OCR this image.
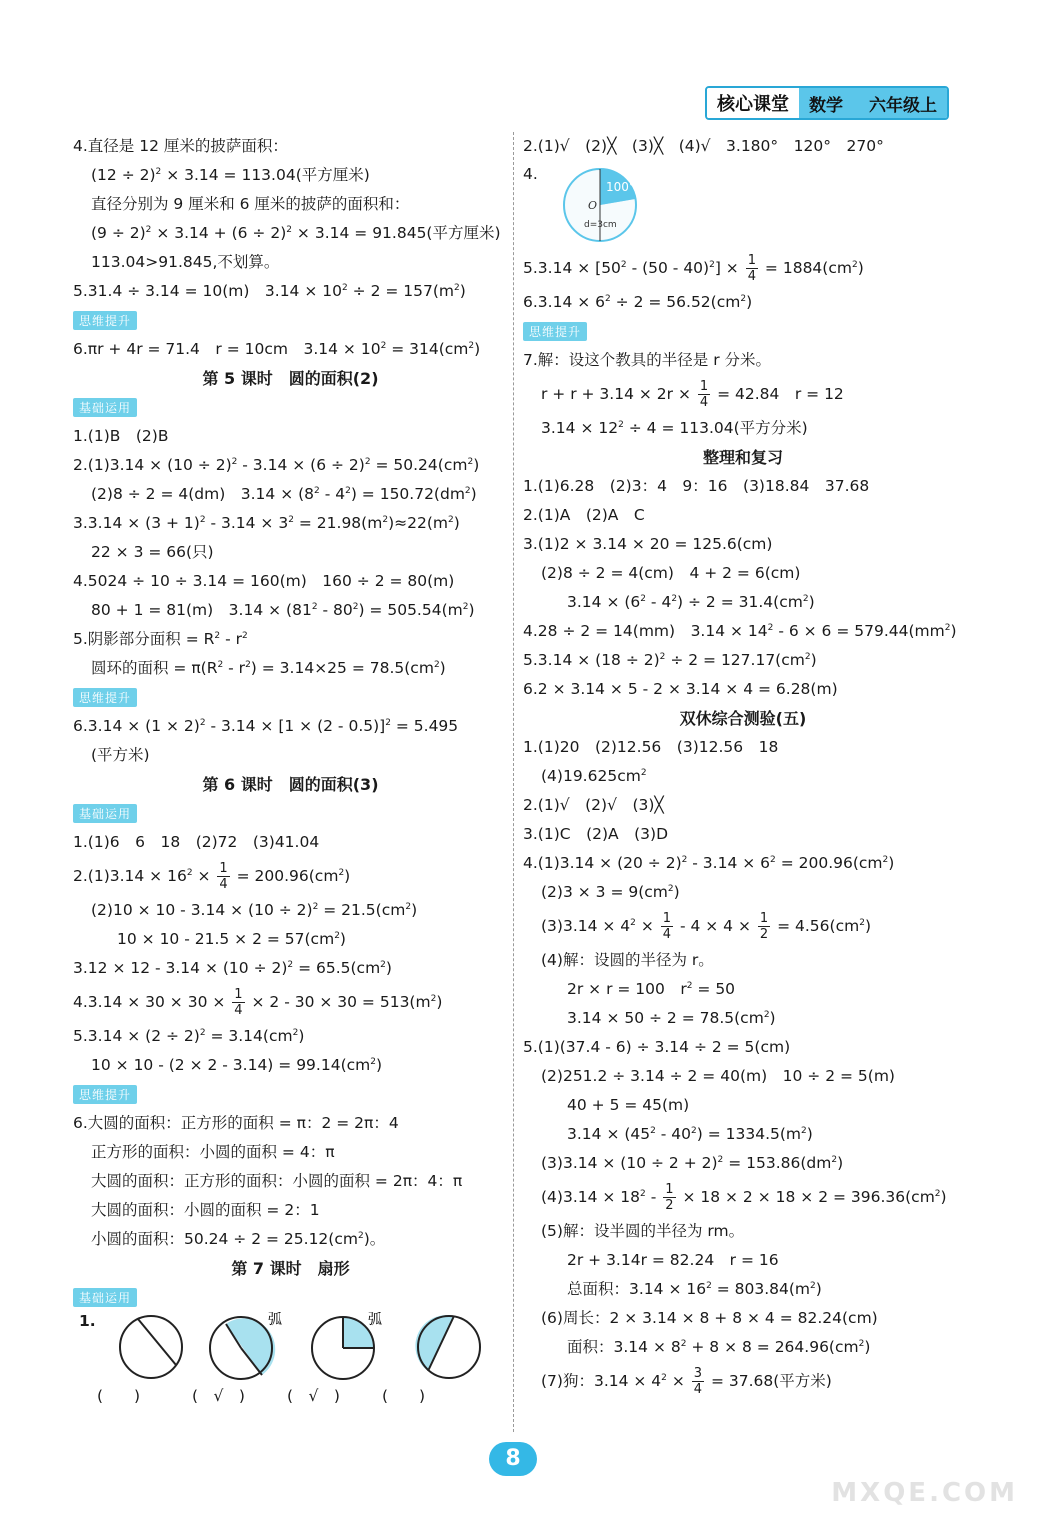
核心课堂	数学 六年级上
4.直径是 12 厘米的披萨面积：
$(12 \div 2)^2 \times 3.14 = 113.04$(平方厘米)
直径分别为 9 厘米和 6 厘米的披萨的面积和：
$(9 \div 2)^2 \times 3.14 + (6 \div 2)^2 \times 3.14 = 91.845$(平方厘米)
113.04>91.845,不划算。
5.31.4 ÷ 3.14 = 10(m)　$3.14 \times 10^2 \div 2 = 157(m^2)$
思维提升
6.πr + 4r = 71.4　r = 10cm　$3.14 \times 10^2 = 314(cm^2)$
第 5 课时　圆的面积(2)
基础运用
1.(1)B　(2)B
$2.(1)3.14 \times (10 \div 2)^2 - 3.14 \times (6 \div 2)^2 = 50.24(cm^2)$
(2)8 ÷ 2 = 4(dm)　$3.14 \times (8^2 - 4^2) = 150.72(dm^2)$
$3.3.14 \times (3 + 1)^2 - 3.14 \times 3^2 = 21.98(m^2)\approx 22(m^2)$
22 × 3 = 66(只)
4.5024 ÷ 10 ÷ 3.14 = 160(m)　160 ÷ 2 = 80(m)
80 + 1 = 81(m)　$3.14 \times (81^2 - 80^2) = 505.54(m^2)$
5.阴影部分面积 = $R^2 - r^2$
圆环的面积 = $\pi(R^2 - r^2) = 3.14\times 25 = 78.5(cm^2)$
思维提升
$6.3.14 \times (1 \times 2)^2 - 3.14 \times [1 \times (2 - 0.5)]^2 = 5.495$
(平方米)
第 6 课时　圆的面积(3)
基础运用
1.(1)6　6　18　(2)72　(3)41.04
$2.(1)3.14 \times 16^2 \times \frac{1}{4} = 200.96(cm^2)$
$(2)10 \times 10 - 3.14 \times (10 \div 2)^2 = 21.5(cm^2)$
$10 \times 10 - 21.5 \times 2 = 57(cm^2)$
$3.12 \times 12 - 3.14 \times (10 \div 2)^2 = 65.5(cm^2)$
$4.3.14 \times 30 \times 30 \times \frac{1}{4} \times 2 - 30 \times 30 = 513(m^2)$
$5.3.14 \times (2 \div 2)^2 = 3.14(cm^2)$
$10 \times 10 - (2 \times 2 - 3.14) = 99.14(cm^2)$
思维提升
6.大圆的面积：正方形的面积 = π：2 = 2π：4
正方形的面积：小圆的面积 = 4：π
大圆的面积：正方形的面积：小圆的面积 = 2π：4：π
大圆的面积：小圆的面积 = 2：1
小圆的面积：$50.24 \div 2 = 25.12(cm^2)$。
第 7 课时　扇形
基础运用
1.	弧	弧
(　　)	(　√　)	(　√　)	(　　)
2.(1)√　(2)╳　(3)╳　(4)√　3.180°　120°　270°
4.
100°
O
d=3cm
$5.3.14 \times [50^2 - (50 - 40)^2] \times \frac{1}{4} = 1884(cm^2)$
$6.3.14 \times 6^2 \div 2 = 56.52(cm^2)$
思维提升
7.解：设这个教具的半径是 r 分米。
$r + r + 3.14 \times 2r \times \frac{1}{4} = 42.84$　r = 12
$3.14 \times 12^2 \div 4 = 113.04$(平方分米)
整理和复习
1.(1)6.28　(2)3：4　9：16　(3)18.84　37.68
2.(1)A　(2)A　C
3.(1)2 × 3.14 × 20 = 125.6(cm)
(2)8 ÷ 2 = 4(cm)　4 + 2 = 6(cm)
$3.14 \times (6^2 - 4^2) \div 2 = 31.4(cm^2)$
4.28 ÷ 2 = 14(mm)　$3.14 \times 14^2 - 6 \times 6 = 579.44(mm^2)$
$5.3.14 \times (18 \div 2)^2 \div 2 = 127.17(cm^2)$
6.2 × 3.14 × 5 - 2 × 3.14 × 4 = 6.28(m)
双休综合测验(五)
1.(1)20　(2)12.56　(3)12.56　18
$(4)19.625cm^2$
2.(1)√　(2)√　(3)╳
3.(1)C　(2)A　(3)D
$4.(1)3.14 \times (20 \div 2)^2 - 3.14 \times 6^2 = 200.96(cm^2)$
$(2)3 \times 3 = 9(cm^2)$
$(3)3.14 \times 4^2 \times \frac{1}{4} - 4 \times 4 \times \frac{1}{2} = 4.56(cm^2)$
(4)解：设圆的半径为 r。
2r × r = 100　$r^2 = 50$
$3.14 \times 50 \div 2 = 78.5(cm^2)$
5.(1)(37.4 - 6) ÷ 3.14 ÷ 2 = 5(cm)
(2)251.2 ÷ 3.14 ÷ 2 = 40(m)　10 ÷ 2 = 5(m)
40 + 5 = 45(m)
$3.14 \times (45^2 - 40^2) = 1334.5(m^2)$
$(3)3.14 \times (10 \div 2 + 2)^2 = 153.86(dm^2)$
$(4)3.14 \times 18^2 - \frac{1}{2} \times 18 \times 2 \times 18 \times 2 = 396.36(cm^2)$
(5)解：设半圆的半径为 rm。
2r + 3.14r = 82.24　r = 16
总面积：$3.14 \times 16^2 = 803.84(m^2)$
(6)周长：2 × 3.14 × 8 + 8 × 4 = 82.24(cm)
面积：$3.14 \times 8^2 + 8 \times 8 = 264.96(cm^2)$
(7)狗：$3.14 \times 4^2 \times \frac{3}{4} = 37.68$(平方米)
8
MXQE.COM
